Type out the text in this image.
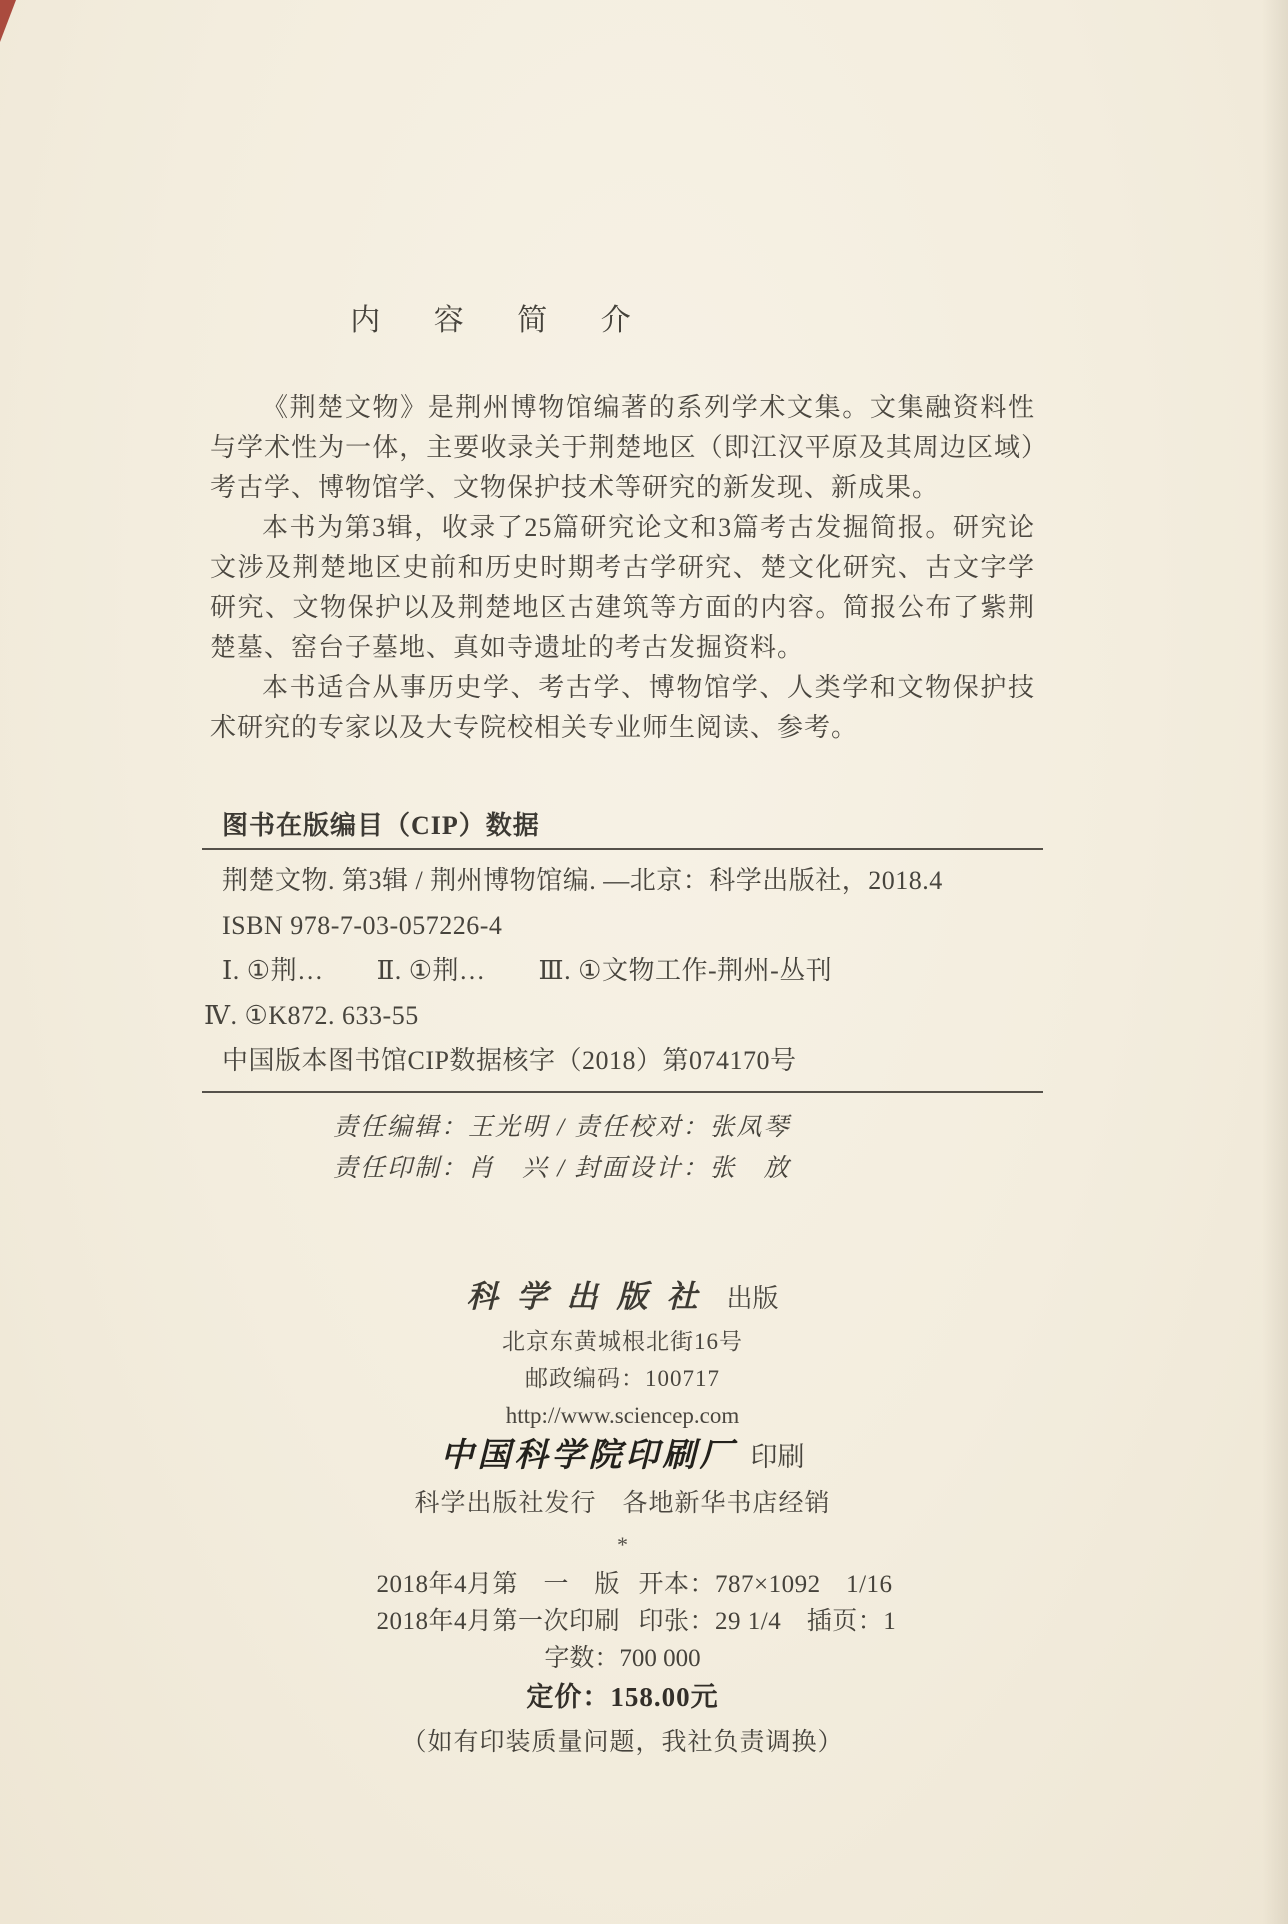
内 容 简 介

《荆楚文物》是荆州博物馆编著的系列学术文集。文集融资料性与学术性为一体，主要收录关于荆楚地区（即江汉平原及其周边区域）考古学、博物馆学、文物保护技术等研究的新发现、新成果。

本书为第3辑，收录了25篇研究论文和3篇考古发掘简报。研究论文涉及荆楚地区史前和历史时期考古学研究、楚文化研究、古文字学研究、文物保护以及荆楚地区古建筑等方面的内容。简报公布了紫荆楚墓、窑台子墓地、真如寺遗址的考古发掘资料。

本书适合从事历史学、考古学、博物馆学、人类学和文物保护技术研究的专家以及大专院校相关专业师生阅读、参考。

图书在版编目（CIP）数据
荆楚文物. 第3辑 / 荆州博物馆编. —北京：科学出版社，2018.4
ISBN 978-7-03-057226-4
Ⅰ. ①荆…　　Ⅱ. ①荆…　　Ⅲ. ①文物工作-荆州-丛刊
Ⅳ. ①K872. 633-55
中国版本图书馆CIP数据核字（2018）第074170号
责任编辑：王光明 / 责任校对：张凤琴
责任印制：肖　兴 / 封面设计：张　放
科学出版社 出版
北京东黄城根北街16号
邮政编码：100717
http://www.sciencep.com
中国科学院印刷厂 印刷
科学出版社发行　各地新华书店经销
*
2018年4月第　一　版 开本：787×1092　1/16
2018年4月第一次印刷 印张：29 1/4　插页：1
字数：700 000
定价：158.00元
（如有印装质量问题，我社负责调换）
